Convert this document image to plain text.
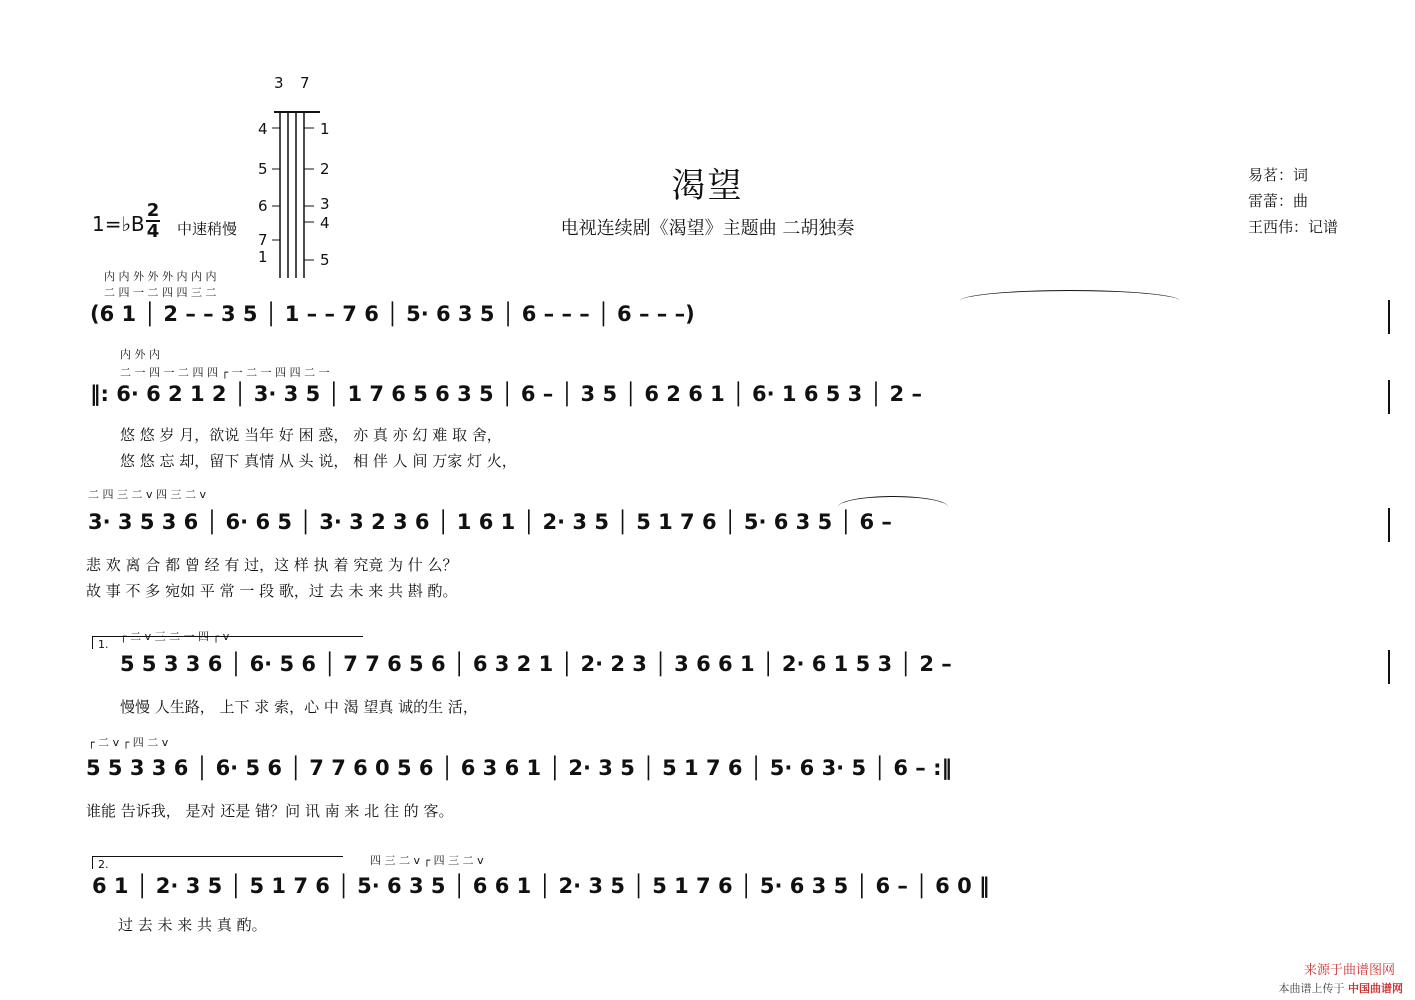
渴望
电视连续剧《渴望》主题曲 二胡独奏
易茗：词
雷蕾：曲
王西伟：记谱
1=♭B
2
4 中速稍慢
3 7
4
5
6
7
1
1
2
3
4
5
内 内 外 外 外 内 内 内
二 四 一 二 四 四 三 二
(6 1 │ 2 – – 3 5 │ 1 – – 7 6 │ 5· 6 3 5 │ 6 – – – │ 6 – – –)
内 外 内
二 一 四 一 二 四 四 ┌ 一 二 一 四 四 二 一
‖: 6· 6 2 1 2 │ 3· 3 5 │ 1 7 6 5 6 3 5 │ 6 – │ 3 5 │ 6 2 6 1 │ 6· 1 6 5 3 │ 2 –
悠 悠 岁 月，欲说 当年 好 困 惑， 亦 真 亦 幻 难 取 舍，
悠 悠 忘 却，留下 真情 从 头 说， 相 伴 人 间 万家 灯 火，
二 四 三 二 v 四 三 二 v
3· 3 5 3 6 │ 6· 6 5 │ 3· 3 2 3 6 │ 1 6 1 │ 2· 3 5 │ 5 1 7 6 │ 5· 6 3 5 │ 6 –
悲 欢 离 合 都 曾 经 有 过，这 样 执 着 究竟 为 什 么？
故 事 不 多 宛如 平 常 一 段 歌，过 去 未 来 共 斟 酌。
1.
┌ 二 v 三 二 一 四 ┌ v
5 5 3 3 6 │ 6· 5 6 │ 7 7 6 5 6 │ 6 3 2 1 │ 2· 2 3 │ 3 6 6 1 │ 2· 6 1 5 3 │ 2 –
慢慢 人生路， 上下 求 索，心 中 渴 望真 诚的生 活，
┌ 二 v ┌ 四 二 v
5 5 3 3 6 │ 6· 5 6 │ 7 7 6 0 5 6 │ 6 3 6 1 │ 2· 3 5 │ 5 1 7 6 │ 5· 6 3· 5 │ 6 – :‖
谁能 告诉我， 是对 还是 错？问 讯 南 来 北 往 的 客。
2.	四 三 二 v ┌ 四 三 二 v
6 1 │ 2· 3 5 │ 5 1 7 6 │ 5· 6 3 5 │ 6 6 1 │ 2· 3 5 │ 5 1 7 6 │ 5· 6 3 5 │ 6 – │ 6 0 ‖
过 去 未 来 共 真 酌。
来源于曲谱图网
本曲谱上传于 中国曲谱网
